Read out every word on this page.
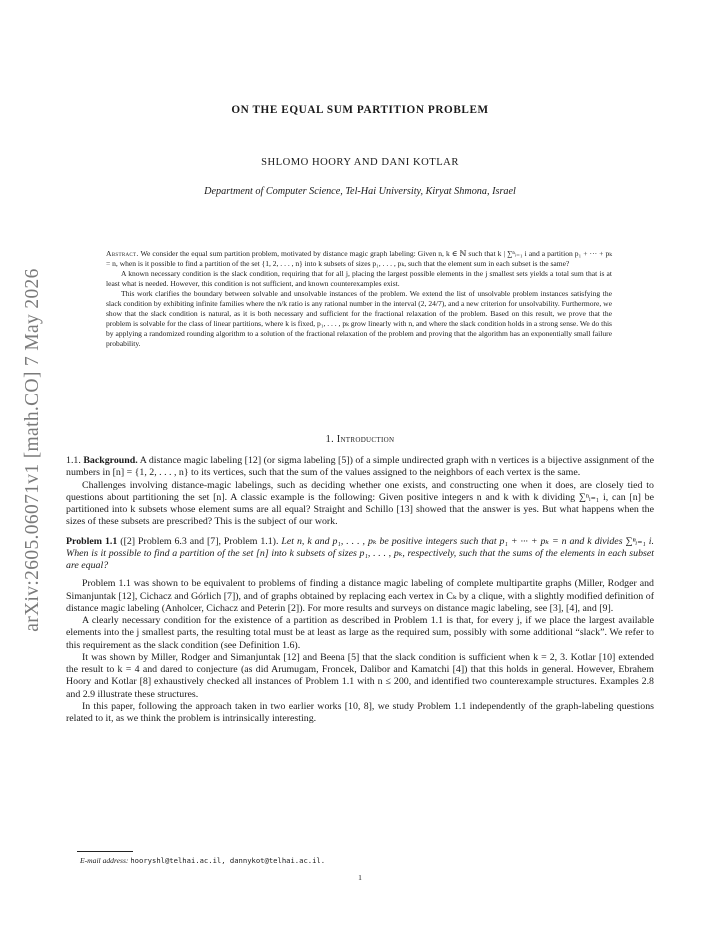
arXiv:2605.06071v1 [math.CO] 7 May 2026
ON THE EQUAL SUM PARTITION PROBLEM
SHLOMO HOORY AND DANI KOTLAR
Department of Computer Science, Tel-Hai University, Kiryat Shmona, Israel

Abstract. We consider the equal sum partition problem, motivated by distance magic graph labeling: Given n, k ∈ ℕ such that k | ∑ⁿᵢ₌₁ i and a partition p₁ + ··· + pₖ = n, when is it possible to find a partition of the set {1, 2, . . . , n} into k subsets of sizes p₁, . . . , pₖ, such that the element sum in each subset is the same?

A known necessary condition is the slack condition, requiring that for all j, placing the largest possible elements in the j smallest sets yields a total sum that is at least what is needed. However, this condition is not sufficient, and known counterexamples exist.

This work clarifies the boundary between solvable and unsolvable instances of the problem. We extend the list of unsolvable problem instances satisfying the slack condition by exhibiting infinite families where the n/k ratio is any rational number in the interval (2, 24/7), and a new criterion for unsolvability. Furthermore, we show that the slack condition is natural, as it is both necessary and sufficient for the fractional relaxation of the problem. Based on this result, we prove that the problem is solvable for the class of linear partitions, where k is fixed, p₁, . . . , pₖ grow linearly with n, and where the slack condition holds in a strong sense. We do this by applying a randomized rounding algorithm to a solution of the fractional relaxation of the problem and proving that the algorithm has an exponentially small failure probability.

1. Introduction

1.1. Background. A distance magic labeling [12] (or sigma labeling [5]) of a simple undirected graph with n vertices is a bijective assignment of the numbers in [n] = {1, 2, . . . , n} to its vertices, such that the sum of the values assigned to the neighbors of each vertex is the same.

Challenges involving distance-magic labelings, such as deciding whether one exists, and constructing one when it does, are closely tied to questions about partitioning the set [n]. A classic example is the following: Given positive integers n and k with k dividing ∑ⁿᵢ₌₁ i, can [n] be partitioned into k subsets whose element sums are all equal? Straight and Schillo [13] showed that the answer is yes. But what happens when the sizes of these subsets are prescribed? This is the subject of our work.

Problem 1.1 ([2] Problem 6.3 and [7], Problem 1.1). Let n, k and p₁, . . . , pₖ be positive integers such that p₁ + ··· + pₖ = n and k divides ∑ⁿᵢ₌₁ i. When is it possible to find a partition of the set [n] into k subsets of sizes p₁, . . . , pₖ, respectively, such that the sums of the elements in each subset are equal?

Problem 1.1 was shown to be equivalent to problems of finding a distance magic labeling of complete multipartite graphs (Miller, Rodger and Simanjuntak [12], Cichacz and Górlich [7]), and of graphs obtained by replacing each vertex in Cₖ by a clique, with a slightly modified definition of distance magic labeling (Anholcer, Cichacz and Peterin [2]). For more results and surveys on distance magic labeling, see [3], [4], and [9].

A clearly necessary condition for the existence of a partition as described in Problem 1.1 is that, for every j, if we place the largest available elements into the j smallest parts, the resulting total must be at least as large as the required sum, possibly with some additional “slack”. We refer to this requirement as the slack condition (see Definition 1.6).

It was shown by Miller, Rodger and Simanjuntak [12] and Beena [5] that the slack condition is sufficient when k = 2, 3. Kotlar [10] extended the result to k = 4 and dared to conjecture (as did Arumugam, Froncek, Dalibor and Kamatchi [4]) that this holds in general. However, Ebrahem Hoory and Kotlar [8] exhaustively checked all instances of Problem 1.1 with n ≤ 200, and identified two counterexample structures. Examples 2.8 and 2.9 illustrate these structures.

In this paper, following the approach taken in two earlier works [10, 8], we study Problem 1.1 independently of the graph-labeling questions related to it, as we think the problem is intrinsically interesting.

E-mail address: hooryshl@telhai.ac.il, dannykot@telhai.ac.il.
1
